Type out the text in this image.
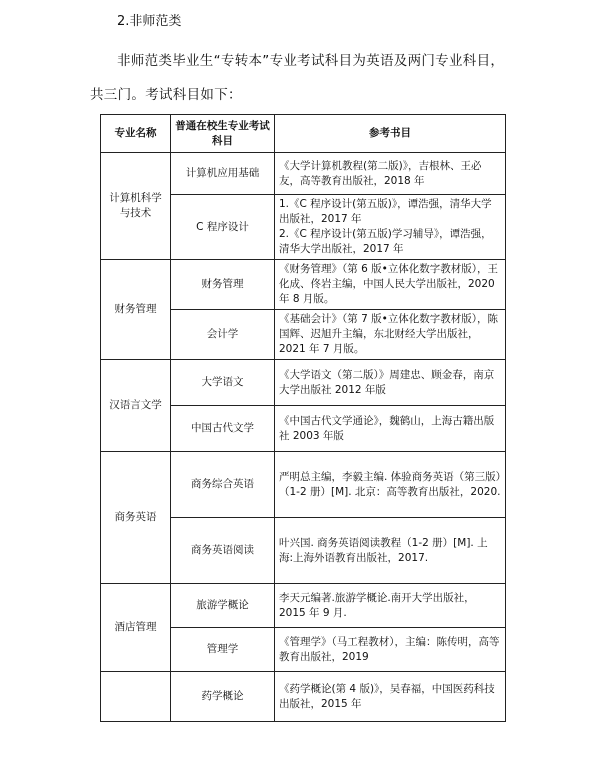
2.非师范类
非师范类毕业生“专转本”专业考试科目为英语及两门专业科目，共三门。考试科目如下：
专业名称	普通在校生专业考试科目	参考书目
计算机科学与技术	计算机应用基础	《大学计算机教程(第二版)》，吉根林、王必友，高等教育出版社，2018 年

	C 程序设计	1.《C 程序设计(第五版)》，谭浩强，清华大学出版社，2017 年
2.《C 程序设计(第五版)学习辅导》，谭浩强，清华大学出版社，2017 年

财务管理	财务管理	《财务管理》（第 6 版•立体化数字教材版），王化成、佟岩主编，中国人民大学出版社，2020 年 8 月版。

	会计学	《基础会计》（第 7 版•立体化数字教材版），陈国辉、迟旭升主编，东北财经大学出版社，2021 年 7 月版。

汉语言文学	大学语文	《大学语文（第二版）》周建忠、顾金春，南京大学出版社 2012 年版

	中国古代文学	《中国古代文学通论》，魏鹤山，上海古籍出版社 2003 年版

商务英语	商务综合英语	严明总主编，李毅主编. 体验商务英语（第三版）（1-2 册）[M]. 北京：高等教育出版社，2020.

	商务英语阅读	叶兴国. 商务英语阅读教程（1-2 册）[M]. 上海:上海外语教育出版社，2017.

酒店管理	旅游学概论	李天元编著.旅游学概论.南开大学出版社，2015 年 9 月.

	管理学	《管理学》（马工程教材），主编：陈传明，高等教育出版社，2019

	药学概论	《药学概论(第 4 版)》，吴春福，中国医药科技出版社，2015 年
